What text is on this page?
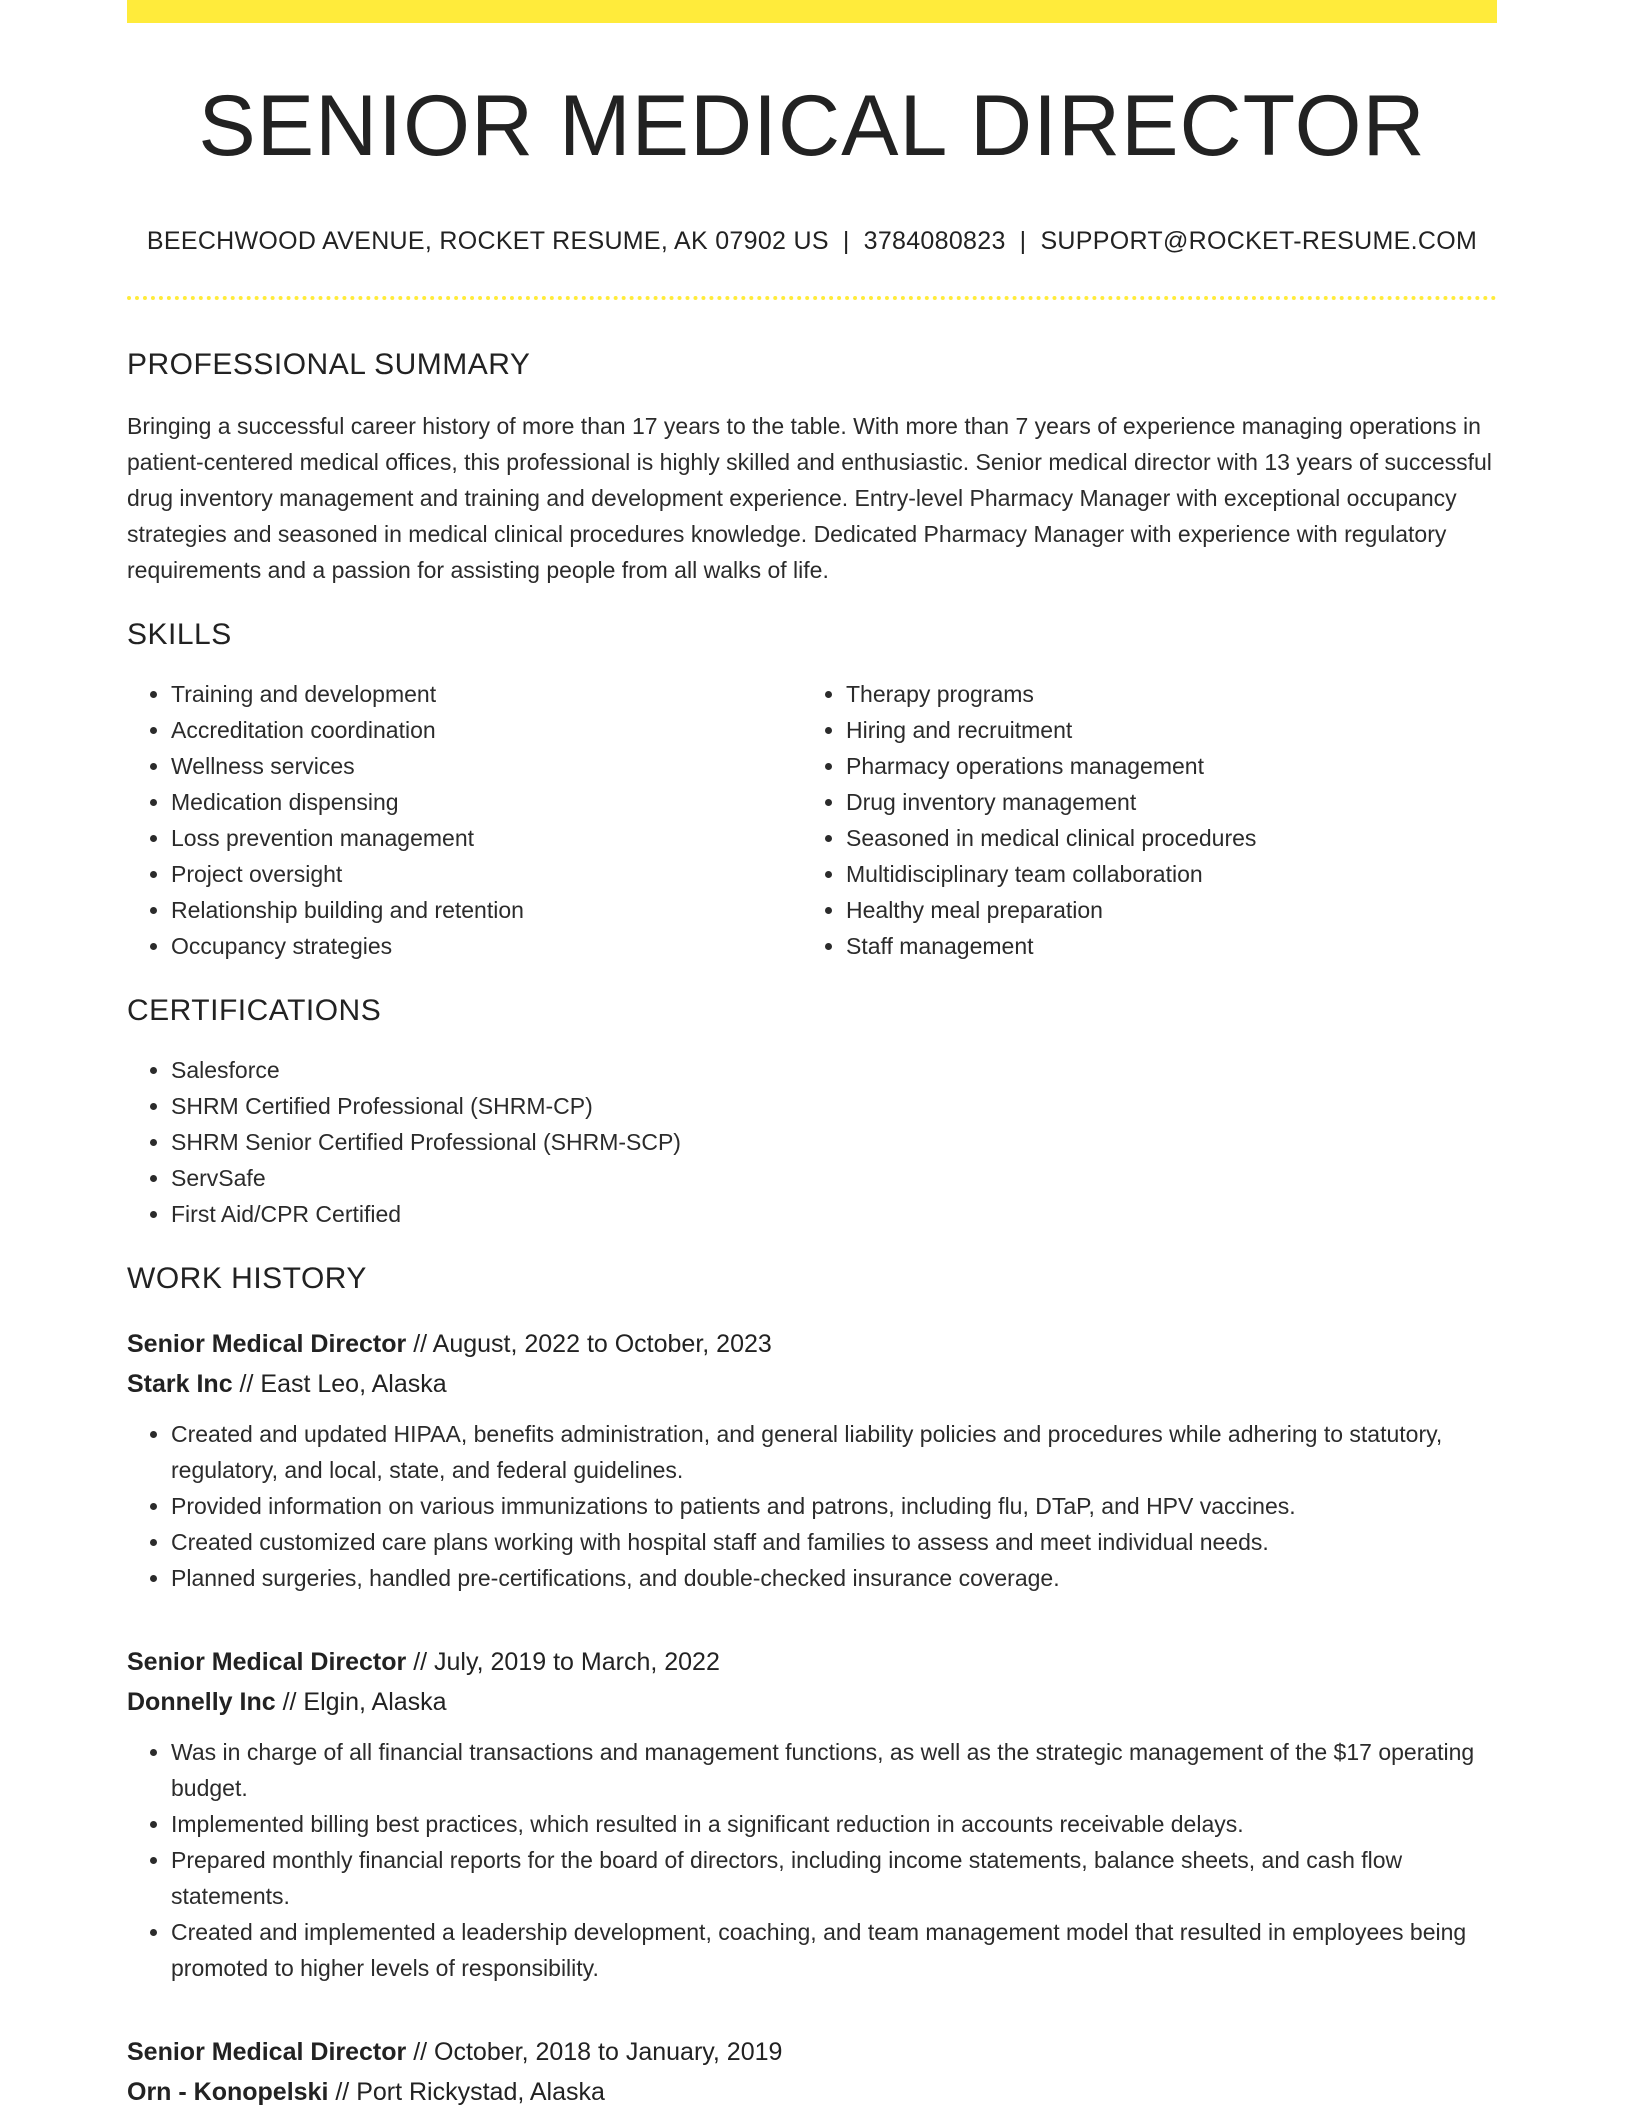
SENIOR MEDICAL DIRECTOR
BEECHWOOD AVENUE, ROCKET RESUME, AK 07902 US | 3784080823 | SUPPORT@ROCKET-RESUME.COM
PROFESSIONAL SUMMARY
Bringing a successful career history of more than 17 years to the table. With more than 7 years of experience managing operations in patient-centered medical offices, this professional is highly skilled and enthusiastic. Senior medical director with 13 years of successful drug inventory management and training and development experience. Entry-level Pharmacy Manager with exceptional occupancy strategies and seasoned in medical clinical procedures knowledge. Dedicated Pharmacy Manager with experience with regulatory requirements and a passion for assisting people from all walks of life.
SKILLS
• Training and development
• Accreditation coordination
• Wellness services
• Medication dispensing
• Loss prevention management
• Project oversight
• Relationship building and retention
• Occupancy strategies
• Therapy programs
• Hiring and recruitment
• Pharmacy operations management
• Drug inventory management
• Seasoned in medical clinical procedures
• Multidisciplinary team collaboration
• Healthy meal preparation
• Staff management
CERTIFICATIONS
• Salesforce
• SHRM Certified Professional (SHRM-CP)
• SHRM Senior Certified Professional (SHRM-SCP)
• ServSafe
• First Aid/CPR Certified
WORK HISTORY
Senior Medical Director // August, 2022 to October, 2023
Stark Inc // East Leo, Alaska
• Created and updated HIPAA, benefits administration, and general liability policies and procedures while adhering to statutory, regulatory, and local, state, and federal guidelines.
• Provided information on various immunizations to patients and patrons, including flu, DTaP, and HPV vaccines.
• Created customized care plans working with hospital staff and families to assess and meet individual needs.
• Planned surgeries, handled pre-certifications, and double-checked insurance coverage.
Senior Medical Director // July, 2019 to March, 2022
Donnelly Inc // Elgin, Alaska
• Was in charge of all financial transactions and management functions, as well as the strategic management of the $17 operating budget.
• Implemented billing best practices, which resulted in a significant reduction in accounts receivable delays.
• Prepared monthly financial reports for the board of directors, including income statements, balance sheets, and cash flow statements.
• Created and implemented a leadership development, coaching, and team management model that resulted in employees being promoted to higher levels of responsibility.
Senior Medical Director // October, 2018 to January, 2019
Orn - Konopelski // Port Rickystad, Alaska
